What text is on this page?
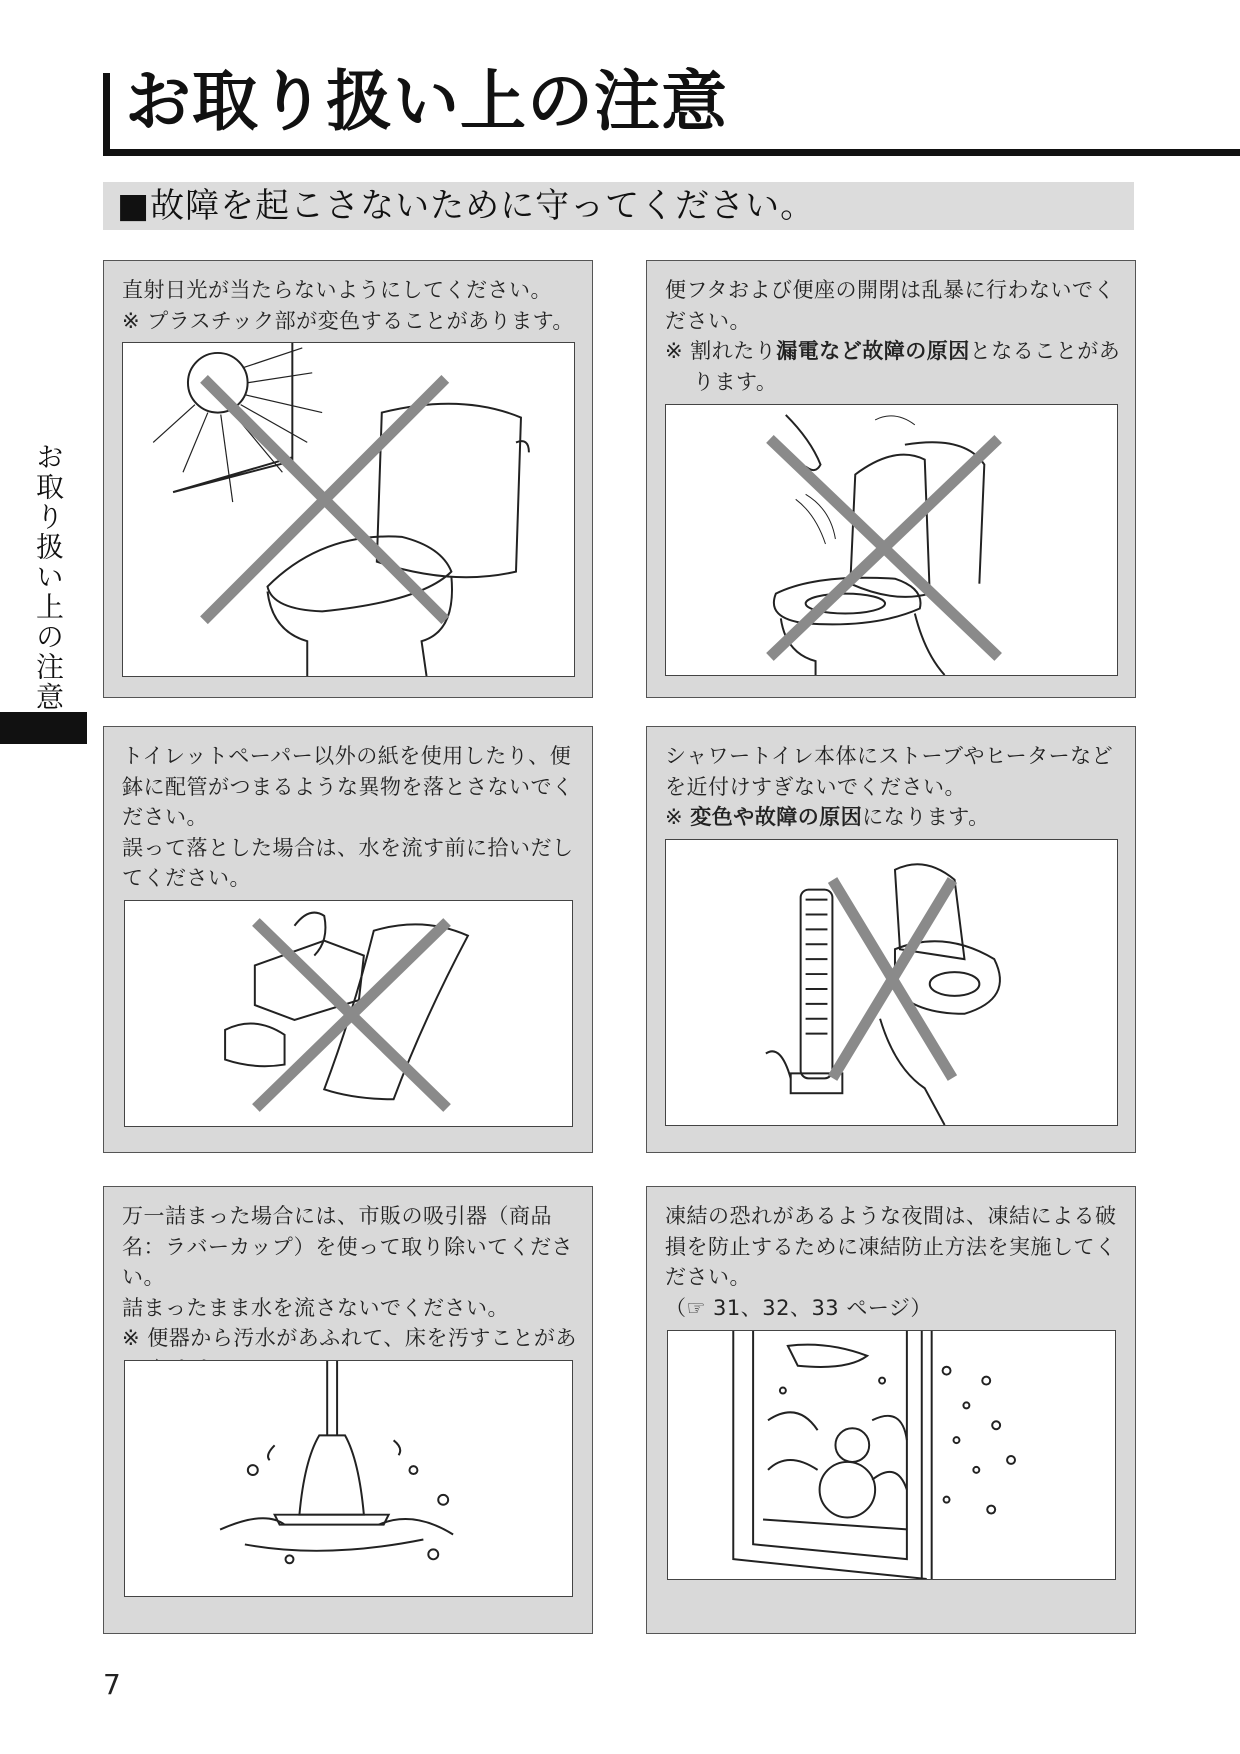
お取り扱い上の注意
■故障を起こさないために守ってください。
お取り扱い上の注意

直射日光が当たらないようにしてください。

※ プラスチック部が変色することがあります。

便フタおよび便座の開閉は乱暴に行わないでください。

※ 割れたり漏電など故障の原因となることがあります。

トイレットペーパー以外の紙を使用したり、便鉢に配管がつまるような異物を落とさないでください。

誤って落とした場合は、水を流す前に拾いだしてください。

シャワートイレ本体にストーブやヒーターなどを近付けすぎないでください。

※ 変色や故障の原因になります。

万一詰まった場合には、市販の吸引器（商品名：ラバーカップ）を使って取り除いてください。

詰まったまま水を流さないでください。

※ 便器から汚水があふれて、床を汚すことがあ

凍結の恐れがあるような夜間は、凍結による破損を防止するために凍結防止方法を実施してください。

（☞ 31、32、33 ページ）

7
